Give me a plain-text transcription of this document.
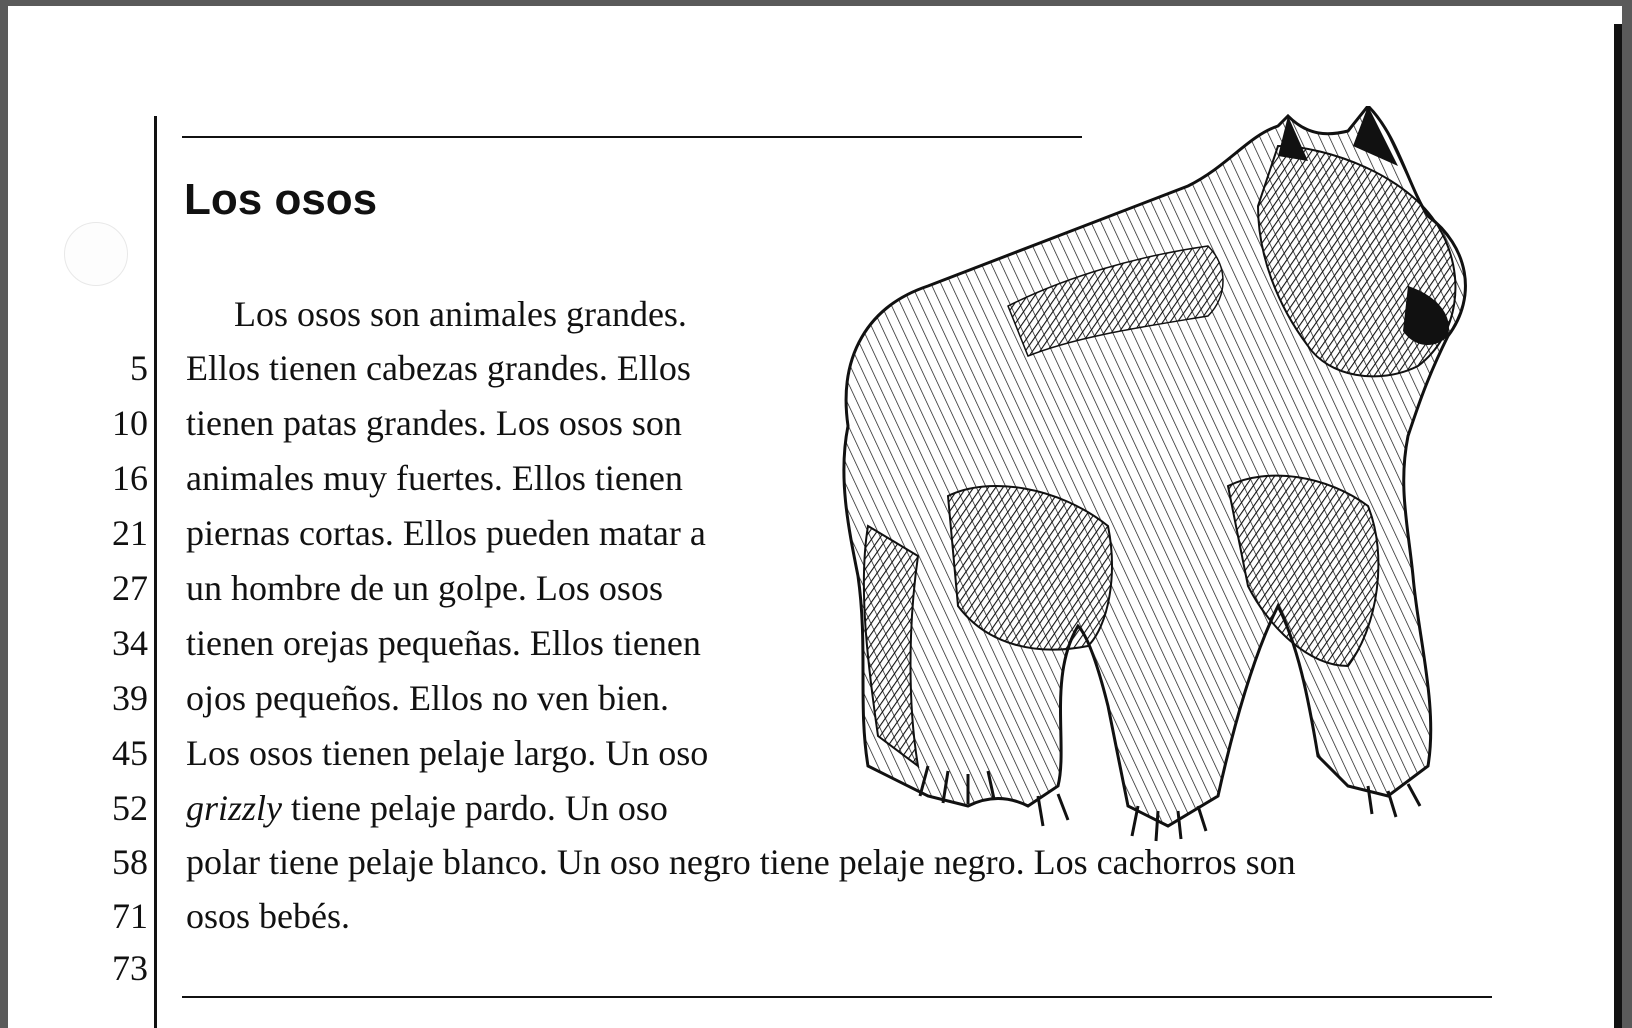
Los osos
5
10
16
21
27
34
39
45
52
58
71
73
Los osos son animales grandes.
Ellos tienen cabezas grandes. Ellos
tienen patas grandes. Los osos son
animales muy fuertes. Ellos tienen
piernas cortas. Ellos pueden matar a
un hombre de un golpe. Los osos
tienen orejas pequeñas. Ellos tienen
ojos pequeños. Ellos no ven bien.
Los osos tienen pelaje largo. Un oso
grizzly tiene pelaje pardo. Un oso
polar tiene pelaje blanco. Un oso negro tiene pelaje negro. Los cachorros son
osos bebés.
